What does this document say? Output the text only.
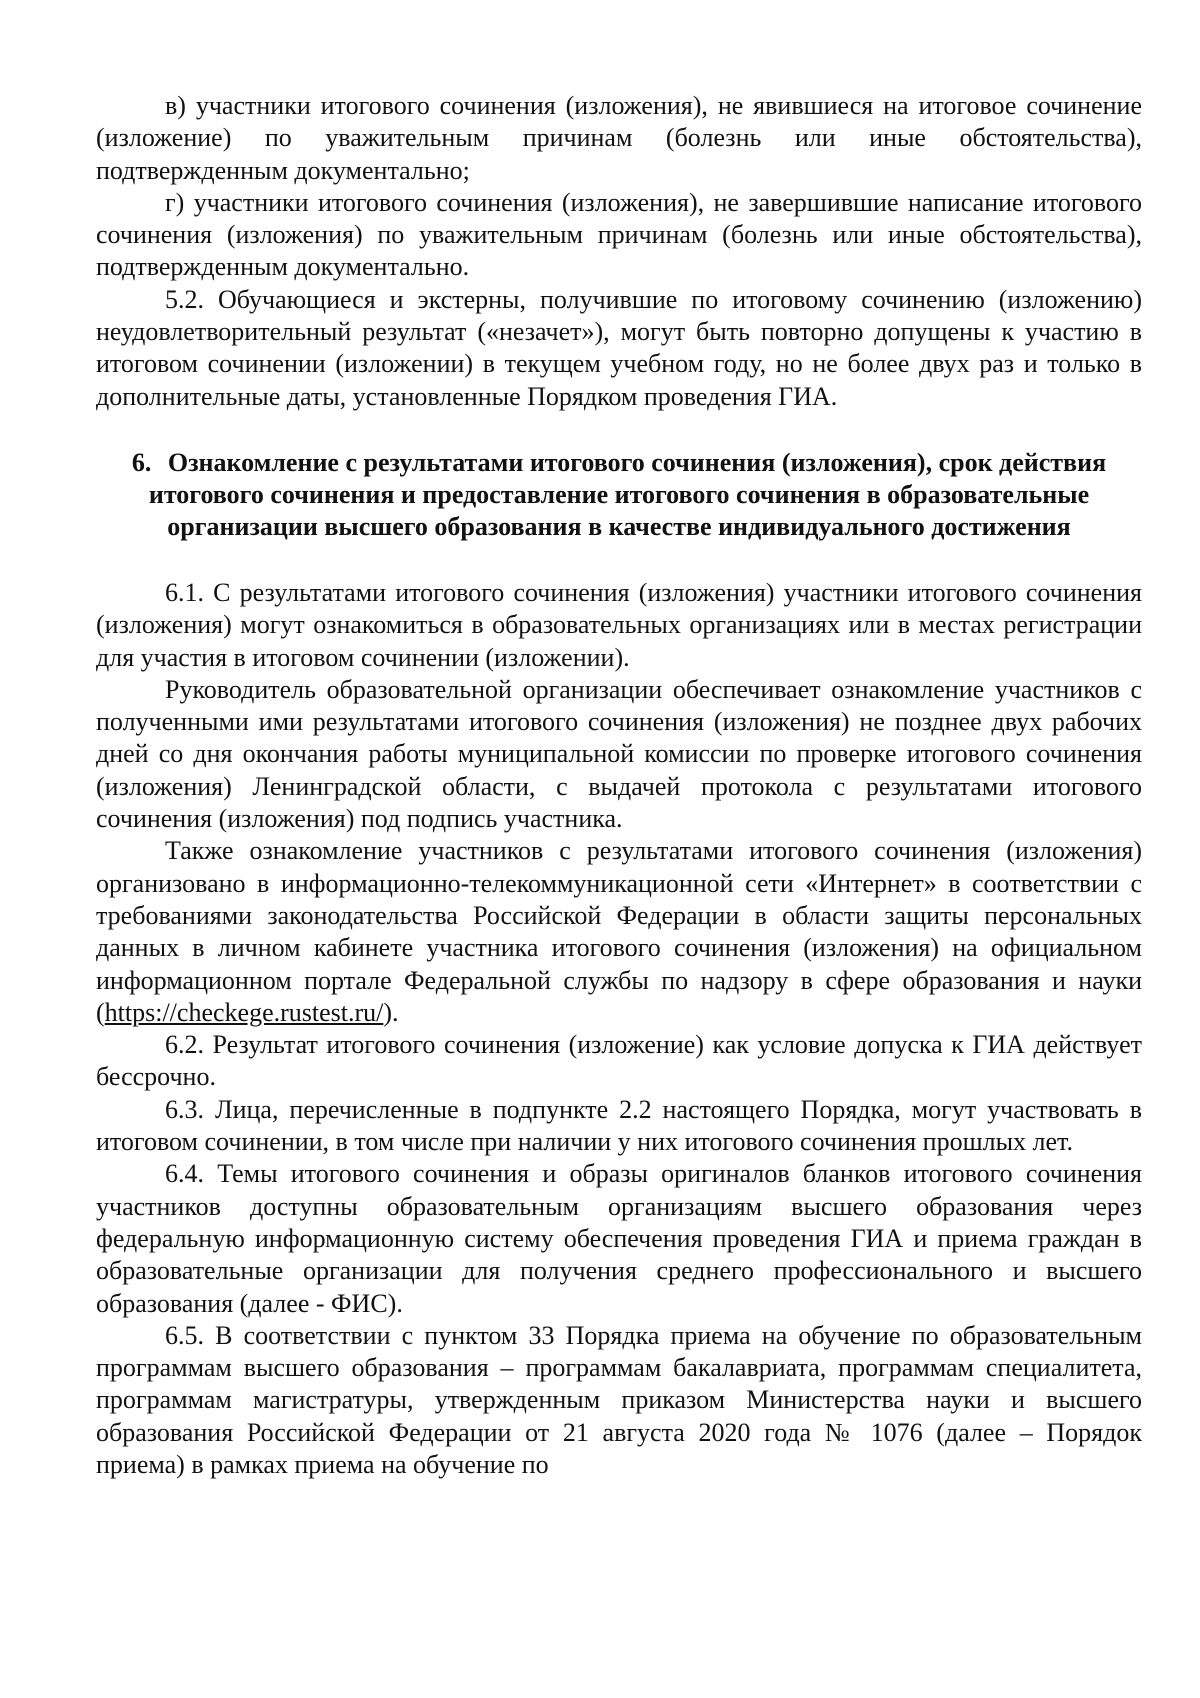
в) участники итогового сочинения (изложения), не явившиеся на итоговое сочинение (изложение) по уважительным причинам (болезнь или иные обстоятельства), подтвержденным документально;

г) участники итогового сочинения (изложения), не завершившие написание итогового сочинения (изложения) по уважительным причинам (болезнь или иные обстоятельства), подтвержденным документально.

5.2. Обучающиеся и экстерны, получившие по итоговому сочинению (изложению) неудовлетворительный результат («незачет»), могут быть повторно допущены к участию в итоговом сочинении (изложении) в текущем учебном году, но не более двух раз и только в дополнительные даты, установленные Порядком проведения ГИА.

6. Ознакомление с результатами итогового сочинения (изложения), срок действия итогового сочинения и предоставление итогового сочинения в образовательные организации высшего образования в качестве индивидуального достижения

6.1. С результатами итогового сочинения (изложения) участники итогового сочинения (изложения) могут ознакомиться в образовательных организациях или в местах регистрации для участия в итоговом сочинении (изложении).

Руководитель образовательной организации обеспечивает ознакомление участников с полученными ими результатами итогового сочинения (изложения) не позднее двух рабочих дней со дня окончания работы муниципальной комиссии по проверке итогового сочинения (изложения) Ленинградской области, с выдачей протокола с результатами итогового сочинения (изложения) под подпись участника.

Также ознакомление участников с результатами итогового сочинения (изложения) организовано в информационно-телекоммуникационной сети «Интернет» в соответствии с требованиями законодательства Российской Федерации в области защиты персональных данных в личном кабинете участника итогового сочинения (изложения) на официальном информационном портале Федеральной службы по надзору в сфере образования и науки (https://checkege.rustest.ru/).

6.2. Результат итогового сочинения (изложение) как условие допуска к ГИА действует бессрочно.

6.3. Лица, перечисленные в подпункте 2.2 настоящего Порядка, могут участвовать в итоговом сочинении, в том числе при наличии у них итогового сочинения прошлых лет.

6.4. Темы итогового сочинения и образы оригиналов бланков итогового сочинения участников доступны образовательным организациям высшего образования через федеральную информационную систему обеспечения проведения ГИА и приема граждан в образовательные организации для получения среднего профессионального и высшего образования (далее - ФИС).

6.5. В соответствии с пунктом 33 Порядка приема на обучение по образовательным программам высшего образования – программам бакалавриата, программам специалитета, программам магистратуры, утвержденным приказом Министерства науки и высшего образования Российской Федерации от 21 августа 2020 года № 1076 (далее – Порядок приема) в рамках приема на обучение по
